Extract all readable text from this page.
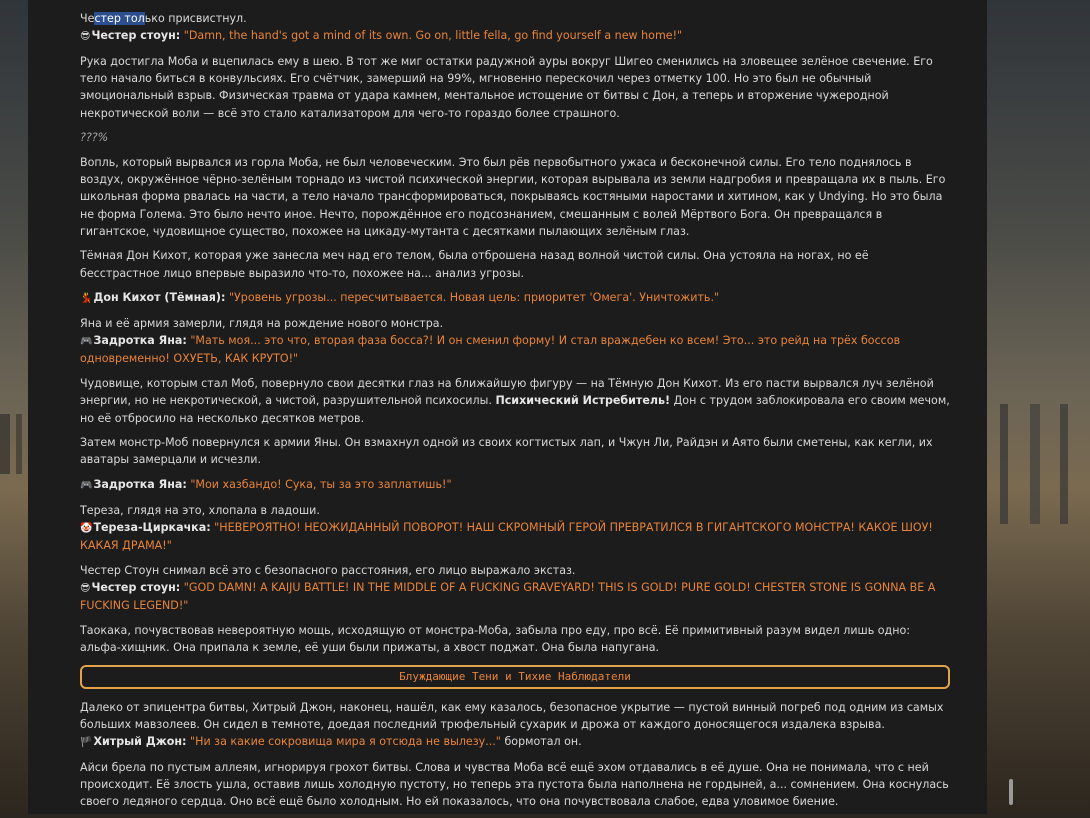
Честер только присвистнул.
😎Честер стоун: "Damn, the hand's got a mind of its own. Go on, little fella, go find yourself a new home!"

Рука достигла Моба и вцепилась ему в шею. В тот же миг остатки радужной ауры вокруг Шигео сменились на зловещее зелёное свечение. Его тело начало биться в конвульсиях. Его счётчик, замерший на 99%, мгновенно перескочил через отметку 100. Но это был не обычный эмоциональный взрыв. Физическая травма от удара камнем, ментальное истощение от битвы с Дон, а теперь и вторжение чужеродной некротической воли — всё это стало катализатором для чего-то гораздо более страшного.

???%

Вопль, который вырвался из горла Моба, не был человеческим. Это был рёв первобытного ужаса и бесконечной силы. Его тело поднялось в воздух, окружённое чёрно-зелёным торнадо из чистой психической энергии, которая вырывала из земли надгробия и превращала их в пыль. Его школьная форма рвалась на части, а тело начало трансформироваться, покрываясь костяными наростами и хитином, как у Undying. Но это была не форма Голема. Это было нечто иное. Нечто, порождённое его подсознанием, смешанным с волей Мёртвого Бога. Он превращался в гигантское, чудовищное существо, похожее на цикаду-мутанта с десятками пылающих зелёным глаз.

Тёмная Дон Кихот, которая уже занесла меч над его телом, была отброшена назад волной чистой силы. Она устояла на ногах, но её бесстрастное лицо впервые выразило что-то, похожее на... анализ угрозы.

💃Дон Кихот (Тёмная): "Уровень угрозы... пересчитывается. Новая цель: приоритет 'Омега'. Уничтожить."

Яна и её армия замерли, глядя на рождение нового монстра.
🎮Задротка Яна: "Мать моя... это что, вторая фаза босса?! И он сменил форму! И стал враждебен ко всем! Это... это рейд на трёх боссов одновременно! ОХУЕТЬ, КАК КРУТО!"

Чудовище, которым стал Моб, повернуло свои десятки глаз на ближайшую фигуру — на Тёмную Дон Кихот. Из его пасти вырвался луч зелёной энергии, но не некротической, а чистой, разрушительной психосилы. Психический Истребитель! Дон с трудом заблокировала его своим мечом, но её отбросило на несколько десятков метров.

Затем монстр-Моб повернулся к армии Яны. Он взмахнул одной из своих когтистых лап, и Чжун Ли, Райдэн и Аято были сметены, как кегли, их аватары замерцали и исчезли.

🎮Задротка Яна: "Мои хазбандо! Сука, ты за это заплатишь!"

Тереза, глядя на это, хлопала в ладоши.
🤡Тереза-Циркачка: "НЕВЕРОЯТНО! НЕОЖИДАННЫЙ ПОВОРОТ! НАШ СКРОМНЫЙ ГЕРОЙ ПРЕВРАТИЛСЯ В ГИГАНТСКОГО МОНСТРА! КАКОЕ ШОУ! КАКАЯ ДРАМА!"

Честер Стоун снимал всё это с безопасного расстояния, его лицо выражало экстаз.
😎Честер стоун: "GOD DAMN! A KAIJU BATTLE! IN THE MIDDLE OF A FUCKING GRAVEYARD! THIS IS GOLD! PURE GOLD! CHESTER STONE IS GONNA BE A FUCKING LEGEND!"

Таокака, почувствовав невероятную мощь, исходящую от монстра-Моба, забыла про еду, про всё. Её примитивный разум видел лишь одно: альфа-хищник. Она припала к земле, её уши были прижаты, а хвост поджат. Она была напугана.

Блуждающие Тени и Тихие Наблюдатели

Далеко от эпицентра битвы, Хитрый Джон, наконец, нашёл, как ему казалось, безопасное укрытие — пустой винный погреб под одним из самых больших мавзолеев. Он сидел в темноте, доедая последний трюфельный сухарик и дрожа от каждого доносящегося издалека взрыва.
🏴Хитрый Джон: "Ни за какие сокровища мира я отсюда не вылезу..." бормотал он.

Айси брела по пустым аллеям, игнорируя грохот битвы. Слова и чувства Моба всё ещё эхом отдавались в её душе. Она не понимала, что с ней происходит. Её злость ушла, оставив лишь холодную пустоту, но теперь эта пустота была наполнена не гордыней, а... сомнением. Она коснулась своего ледяного сердца. Оно всё ещё было холодным. Но ей показалось, что она почувствовала слабое, едва уловимое биение.
